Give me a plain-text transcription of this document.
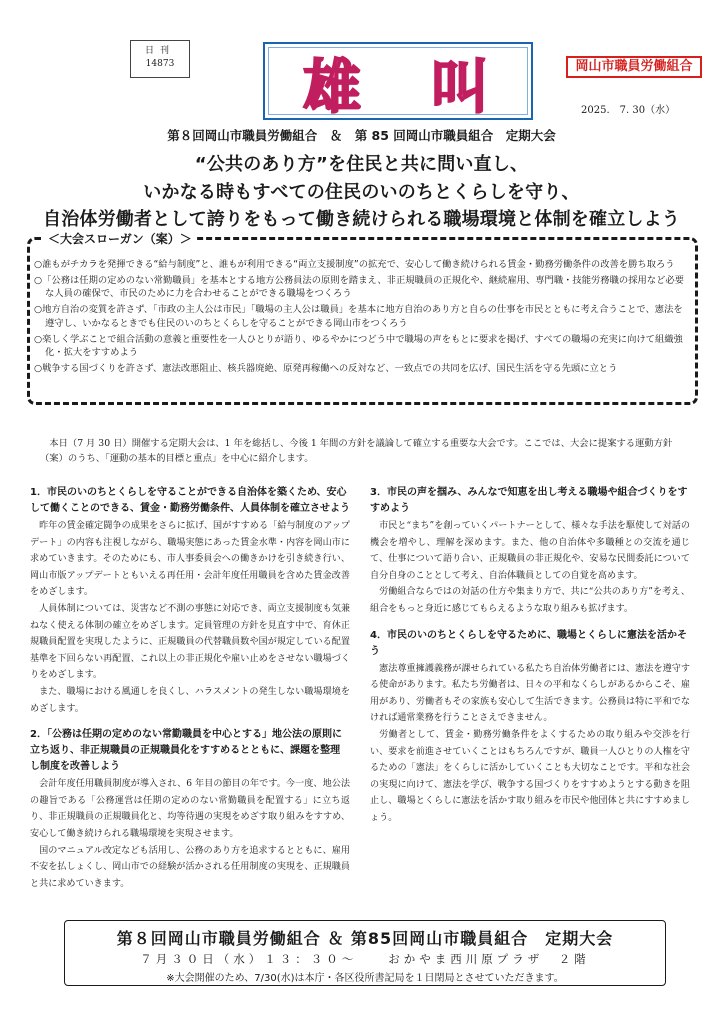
日刊
14873 雄 叫	岡山市職員労働組合
2025.　7. 30（水）
第８回岡山市職員労働組合　＆　第 85 回岡山市職員組合　定期大会
“公共のあり方”を住民と共に問い直し、
いかなる時もすべての住民のいのちとくらしを守り、
自治体労働者として誇りをもって働き続けられる職場環境と体制を確立しよう
＜大会スローガン（案）＞
○誰もがチカラを発揮できる“給与制度”と、誰もが利用できる“両立支援制度”の拡充で、安心して働き続けられる賃金・勤務労働条件の改善を勝ち取ろう
○「公務は任期の定めのない常勤職員」を基本とする地方公務員法の原則を踏まえ、非正規職員の正規化や、継続雇用、専門職・技能労務職の採用など必要な人員の確保で、市民のために力を合わせることができる職場をつくろう
○地方自治の変質を許さず、「市政の主人公は市民」「職場の主人公は職員」を基本に地方自治のあり方と自らの仕事を市民とともに考え合うことで、憲法を遵守し、いかなるときでも住民のいのちとくらしを守ることができる岡山市をつくろう
○楽しく学ぶことで組合活動の意義と重要性を一人ひとりが語り、ゆるやかにつどう中で職場の声をもとに要求を掲げ、すべての職場の充実に向けて組織強化・拡大をすすめよう
○戦争する国づくりを許さず、憲法改悪阻止、核兵器廃絶、原発再稼働への反対など、一致点での共同を広げ、国民生活を守る先頭に立とう

本日（7 月 30 日）開催する定期大会は、1 年を総括し、今後 1 年間の方針を議論して確立する重要な大会です。ここでは、大会に提案する運動方針（案）のうち、「運動の基本的目標と重点」を中心に紹介します。

1．市民のいのちとくらしを守ることができる自治体を築くため、安心して働くことのできる、賃金・勤務労働条件、人員体制を確立させよう

昨年の賃金確定闘争の成果をさらに拡げ、国がすすめる「給与制度のアップデート」の内容も注視しながら、職場実態にあった賃金水準・内容を岡山市に求めていきます。そのためにも、市人事委員会への働きかけを引き続き行い、岡山市版アップデートともいえる再任用・会計年度任用職員を含めた賃金改善をめざします。

人員体制については、災害など不測の事態に対応でき、両立支援制度も気兼ねなく使える体制の確立をめざします。定員管理の方針を見直す中で、育休正規職員配置を実現したように、正規職員の代替職員数や国が規定している配置基準を下回らない再配置、これ以上の非正規化や雇い止めをさせない職場づくりをめざします。

また、職場における風通しを良くし、ハラスメントの発生しない職場環境をめざします。

2．「公務は任期の定めのない常勤職員を中心とする」地公法の原則に立ち返り、非正規職員の正規職員化をすすめるとともに、課題を整理し制度を改善しよう

会計年度任用職員制度が導入され、6 年目の節目の年です。今一度、地公法の趣旨である「公務運営は任期の定めのない常勤職員を配置する」に立ち返り、非正規職員の正規職員化と、均等待遇の実現をめざす取り組みをすすめ、安心して働き続けられる職場環境を実現させます。

国のマニュアル改定なども活用し、公務のあり方を追求するとともに、雇用不安を払しょくし、岡山市での経験が活かされる任用制度の実現を、正規職員と共に求めていきます。

3．市民の声を掴み、みんなで知恵を出し考える職場や組合づくりをすすめよう

市民と“まち”を創っていくパートナーとして、様々な手法を駆使して対話の機会を増やし、理解を深めます。また、他の自治体や多職種との交流を通じて、仕事について語り合い、正規職員の非正規化や、安易な民間委託について自分自身のこととして考え、自治体職員としての自覚を高めます。

労働組合ならではの対話の仕方や集まり方で、共に“公共のあり方”を考え、組合をもっと身近に感じてもらえるような取り組みも拡げます。

4．市民のいのちとくらしを守るために、職場とくらしに憲法を活かそう

憲法尊重擁護義務が課せられている私たち自治体労働者には、憲法を遵守する使命があります。私たち労働者は、日々の平和なくらしがあるからこそ、雇用があり、労働者もその家族も安心して生活できます。公務員は特に平和でなければ通常業務を行うことさえできません。

労働者として、賃金・勤務労働条件をよくするための取り組みや交渉を行い、要求を前進させていくことはもちろんですが、職員一人ひとりの人権を守るための「憲法」をくらしに活かしていくことも大切なことです。平和な社会の実現に向けて、憲法を学び、戦争する国づくりをすすめようとする動きを阻止し、職場とくらしに憲法を活かす取り組みを市民や他団体と共にすすめましょう。

第８回岡山市職員労働組合 ＆ 第85回岡山市職員組合　定期大会
７月３０日（水）１３：３０～　　おかやま西川原プラザ　２階
※大会開催のため、7/30(水)は本庁・各区役所書記局を１日閉局とさせていただきます。
